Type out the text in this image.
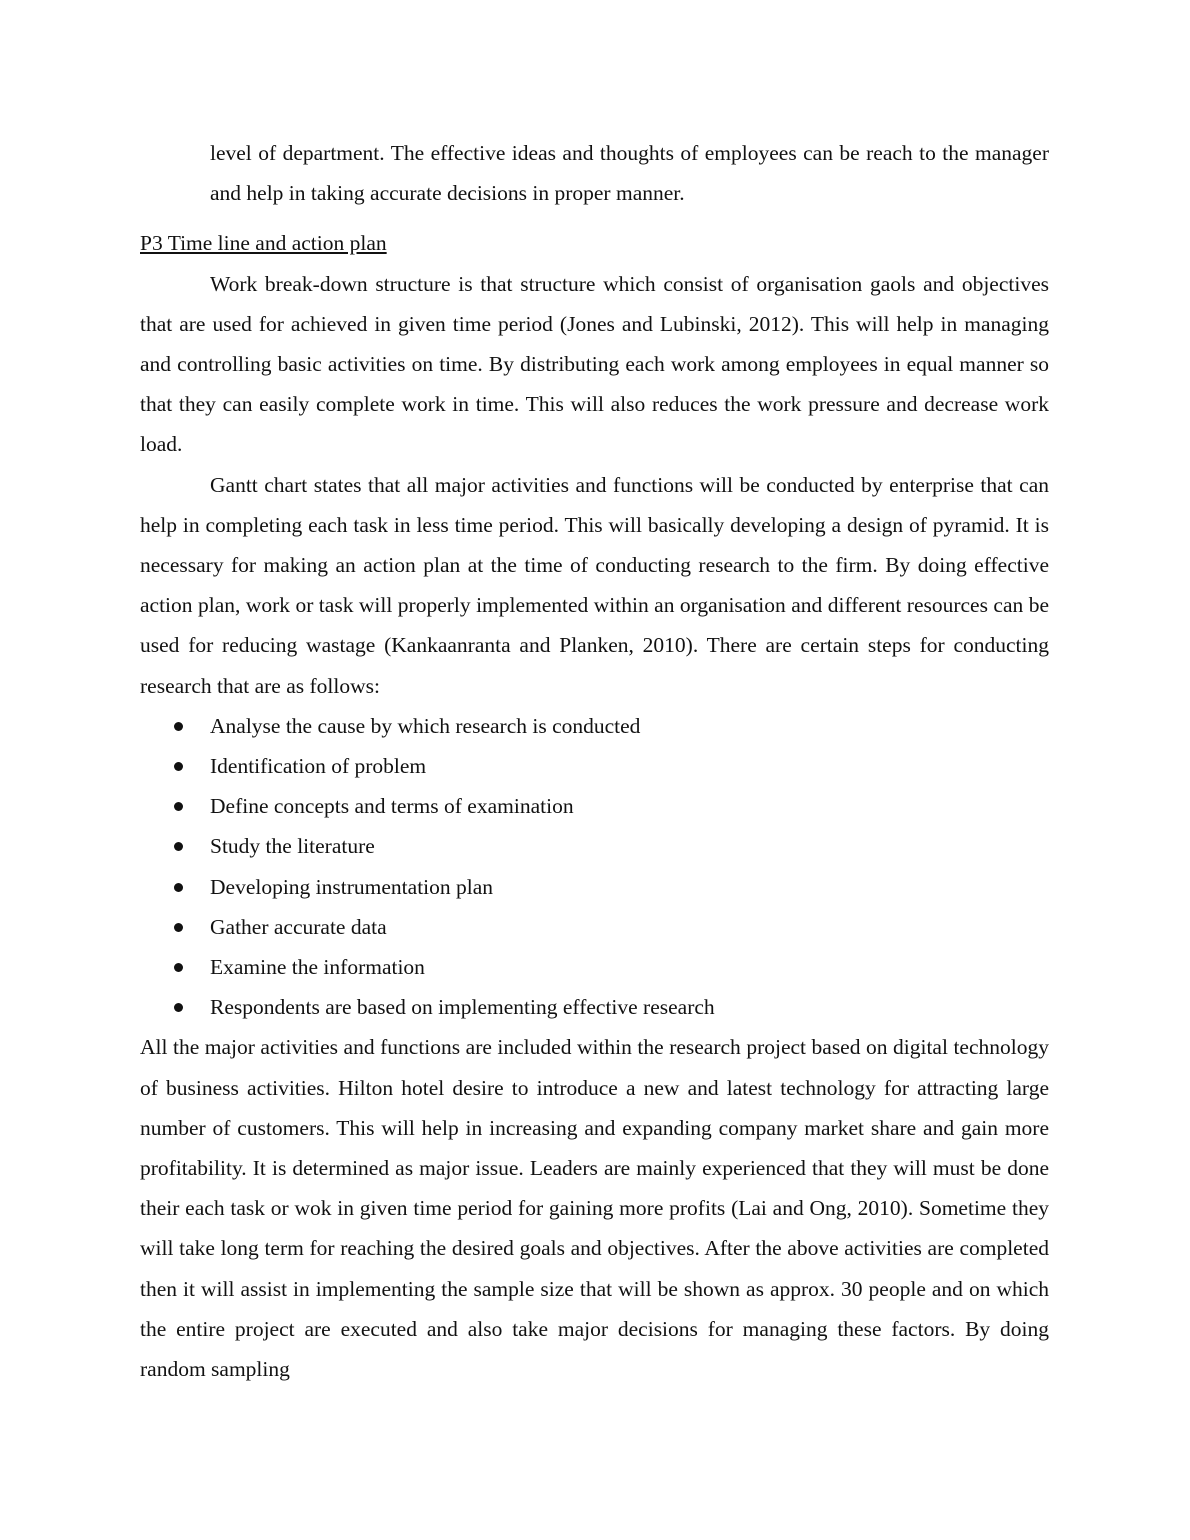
level of department. The effective ideas and thoughts of employees can be reach to the manager and help in taking accurate decisions in proper manner.

P3 Time line and action plan

Work break-down structure is that structure which consist of organisation gaols and objectives that are used for achieved in given time period (Jones and Lubinski, 2012). This will help in managing and controlling basic activities on time. By distributing each work among employees in equal manner so that they can easily complete work in time. This will also reduces the work pressure and decrease work load.

Gantt chart states that all major activities and functions will be conducted by enterprise that can help in completing each task in less time period. This will basically developing a design of pyramid. It is necessary for making an action plan at the time of conducting research to the firm. By doing effective action plan, work or task will properly implemented within an organisation and different resources can be used for reducing wastage (Kankaanranta and Planken, 2010). There are certain steps for conducting research that are as follows:

Analyse the cause by which research is conducted
Identification of problem
Define concepts and terms of examination
Study the literature
Developing instrumentation plan
Gather accurate data
Examine the information
Respondents are based on implementing effective research

All the major activities and functions are included within the research project based on digital technology of business activities. Hilton hotel desire to introduce a new and latest technology for attracting large number of customers. This will help in increasing and expanding company market share and gain more profitability. It is determined as major issue. Leaders are mainly experienced that they will must be done their each task or wok in given time period for gaining more profits (Lai and Ong, 2010). Sometime they will take long term for reaching the desired goals and objectives. After the above activities are completed then it will assist in implementing the sample size that will be shown as approx. 30 people and on which the entire project are executed and also take major decisions for managing these factors. By doing random sampling
